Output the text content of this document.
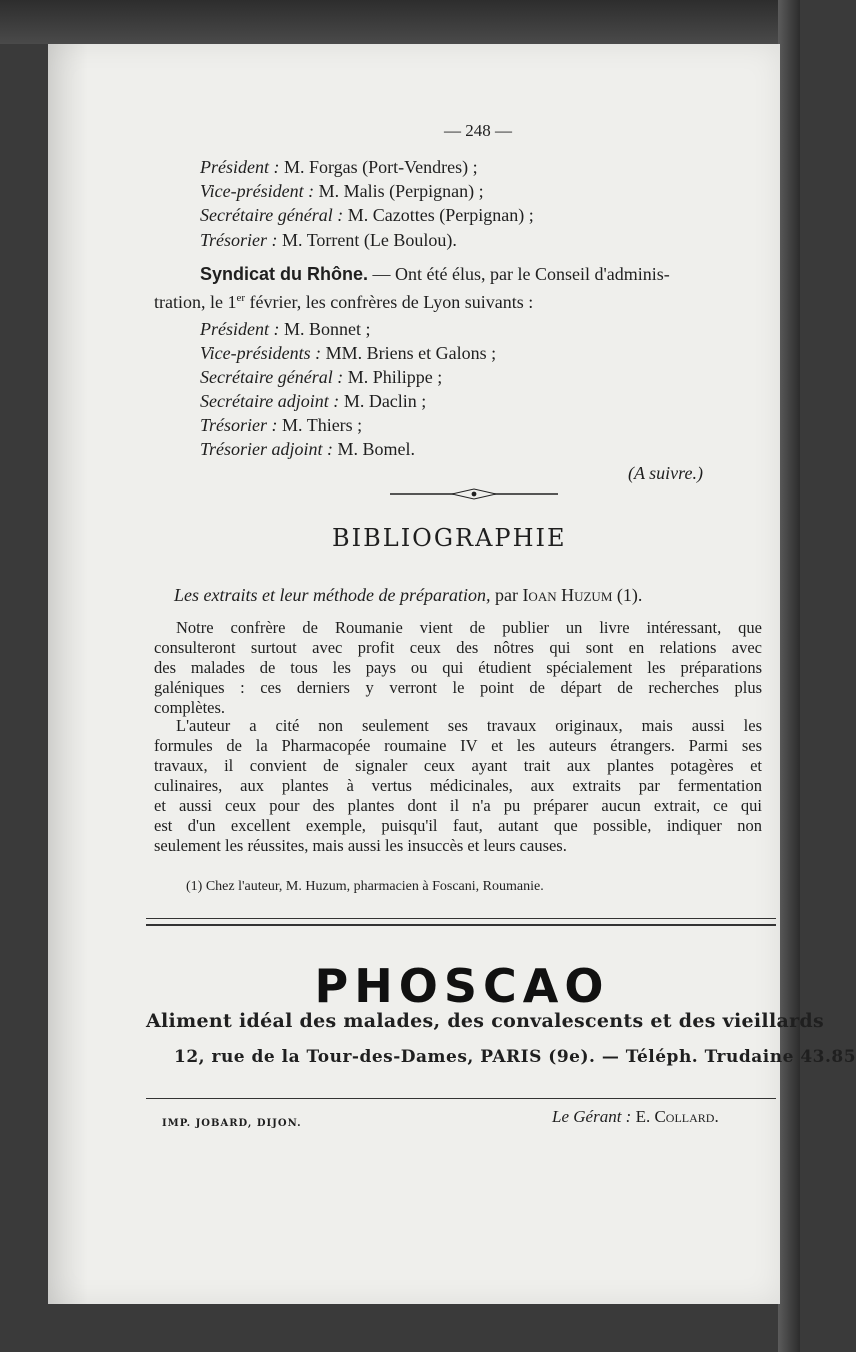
— 248 —
Président : M. Forgas (Port-Vendres) ;
Vice-président : M. Malis (Perpignan) ;
Secrétaire général : M. Cazottes (Perpignan) ;
Trésorier : M. Torrent (Le Boulou).
Syndicat du Rhône. — Ont été élus, par le Conseil d'adminis-
tration, le 1er février, les confrères de Lyon suivants :
Président : M. Bonnet ;
Vice-présidents : MM. Briens et Galons ;
Secrétaire général : M. Philippe ;
Secrétaire adjoint : M. Daclin ;
Trésorier : M. Thiers ;
Trésorier adjoint : M. Bomel.
(A suivre.)
BIBLIOGRAPHIE
Les extraits et leur méthode de préparation, par Ioan Huzum (1).
Notre confrère de Roumanie vient de publier un livre intéressant, que
consulteront surtout avec profit ceux des nôtres qui sont en relations avec
des malades de tous les pays ou qui étudient spécialement les préparations
galéniques : ces derniers y verront le point de départ de recherches plus
complètes.
L'auteur a cité non seulement ses travaux originaux, mais aussi les
formules de la Pharmacopée roumaine IV et les auteurs étrangers. Parmi ses
travaux, il convient de signaler ceux ayant trait aux plantes potagères et
culinaires, aux plantes à vertus médicinales, aux extraits par fermentation
et aussi ceux pour des plantes dont il n'a pu préparer aucun extrait, ce qui
est d'un excellent exemple, puisqu'il faut, autant que possible, indiquer non
seulement les réussites, mais aussi les insuccès et leurs causes.
(1) Chez l'auteur, M. Huzum, pharmacien à Foscani, Roumanie.
PHOSCAO
Aliment idéal des malades, des convalescents et des vieillards
12, rue de la Tour-des-Dames, PARIS (9e). — Téléph. Trudaine 43.85
IMP. JOBARD, DIJON.	Le Gérant : E. Collard.
